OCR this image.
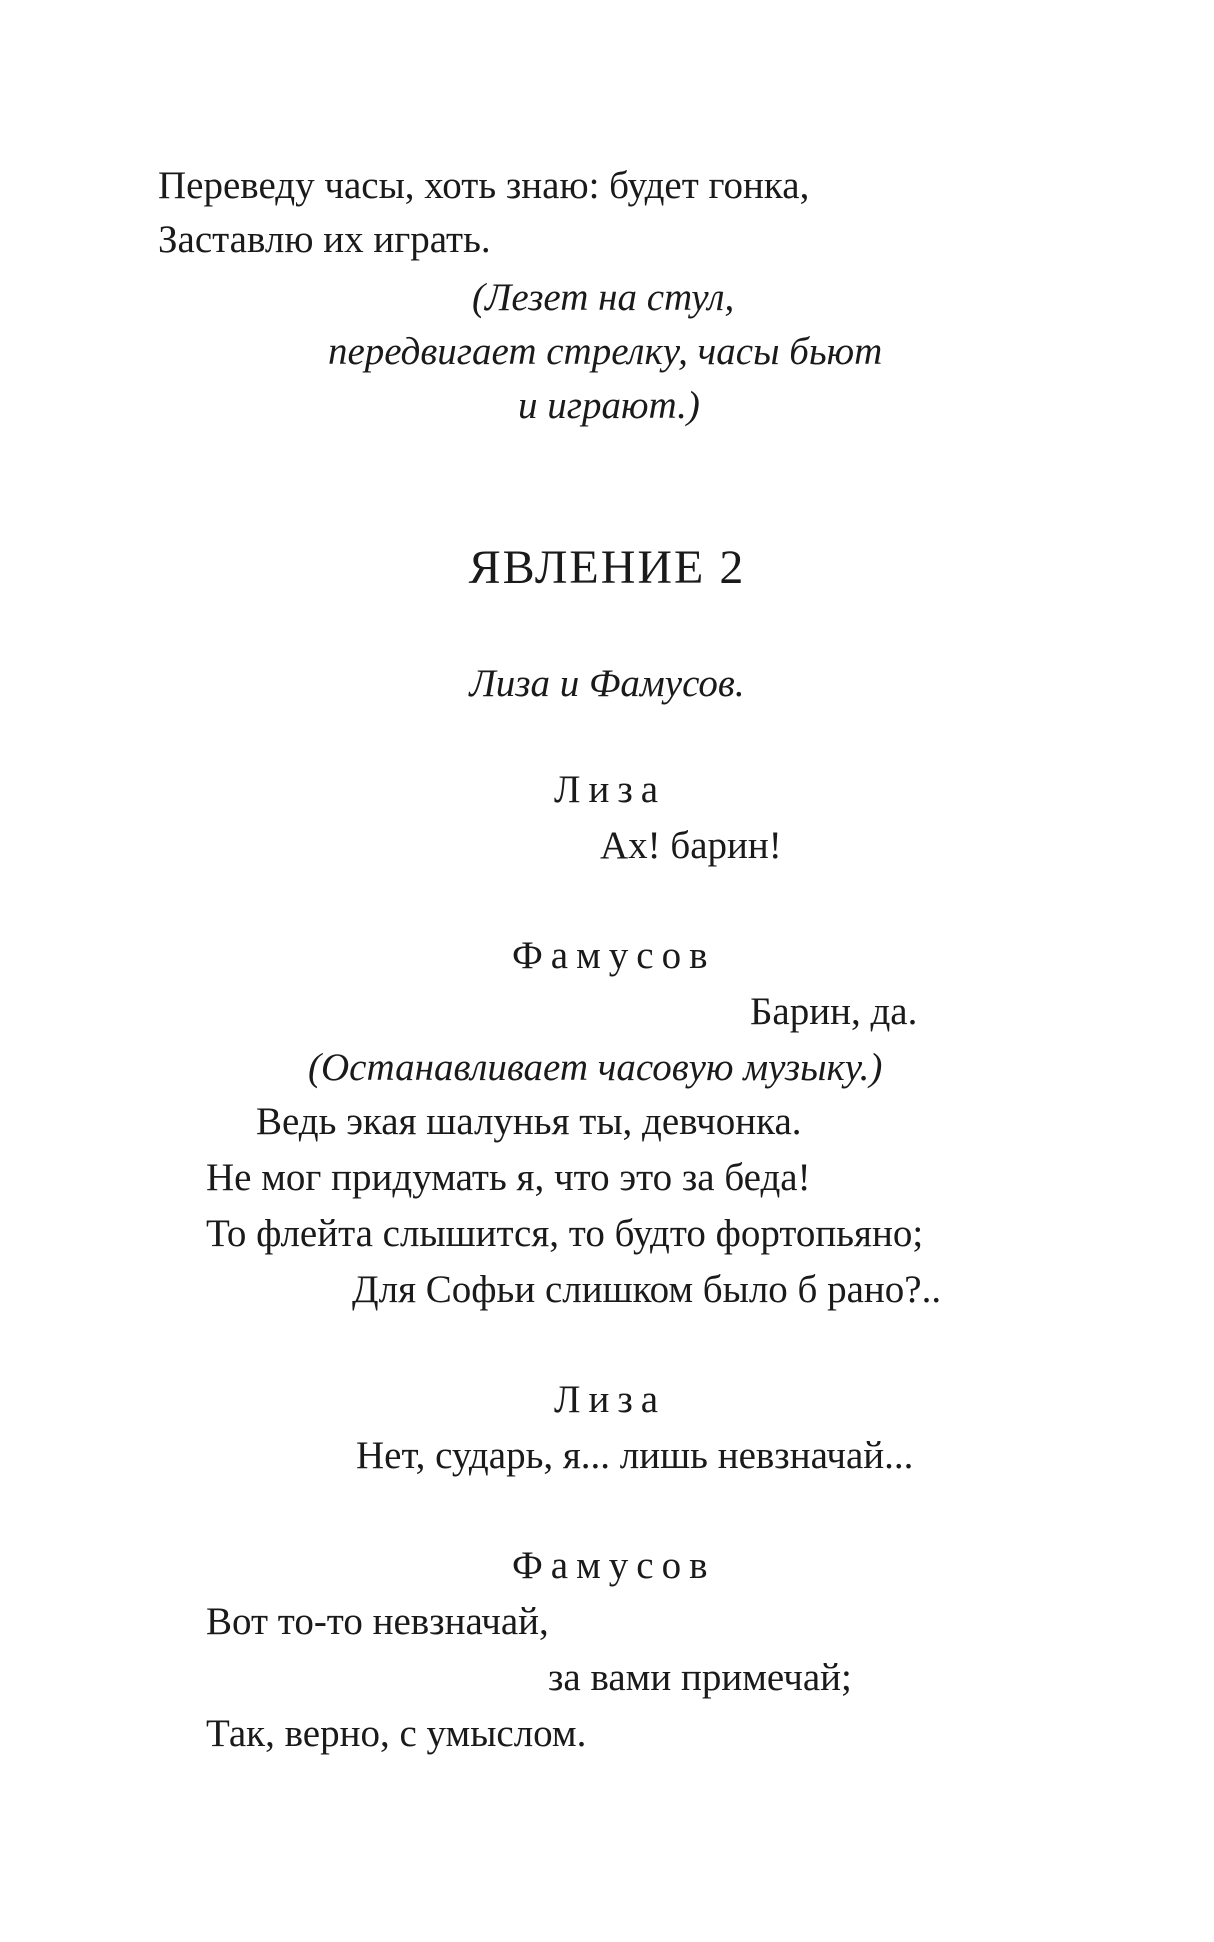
Переведу часы, хоть знаю: будет гонка,

Заставлю их играть.

(Лезет на стул,

передвигает стрелку, часы бьют

и играют.)

ЯВЛЕНИЕ 2

Лиза и Фамусов.

Лиза

Ах! барин!

Фамусов

Барин, да.

(Останавливает часовую музыку.)

Ведь экая шалунья ты, девчонка.

Не мог придумать я, что это за беда!

То флейта слышится, то будто фортопьяно;

Для Софьи слишком было б рано?..

Лиза

Нет, сударь, я... лишь невзначай...

Фамусов

Вот то-то невзначай,

за вами примечай;

Так, верно, с умыслом.
